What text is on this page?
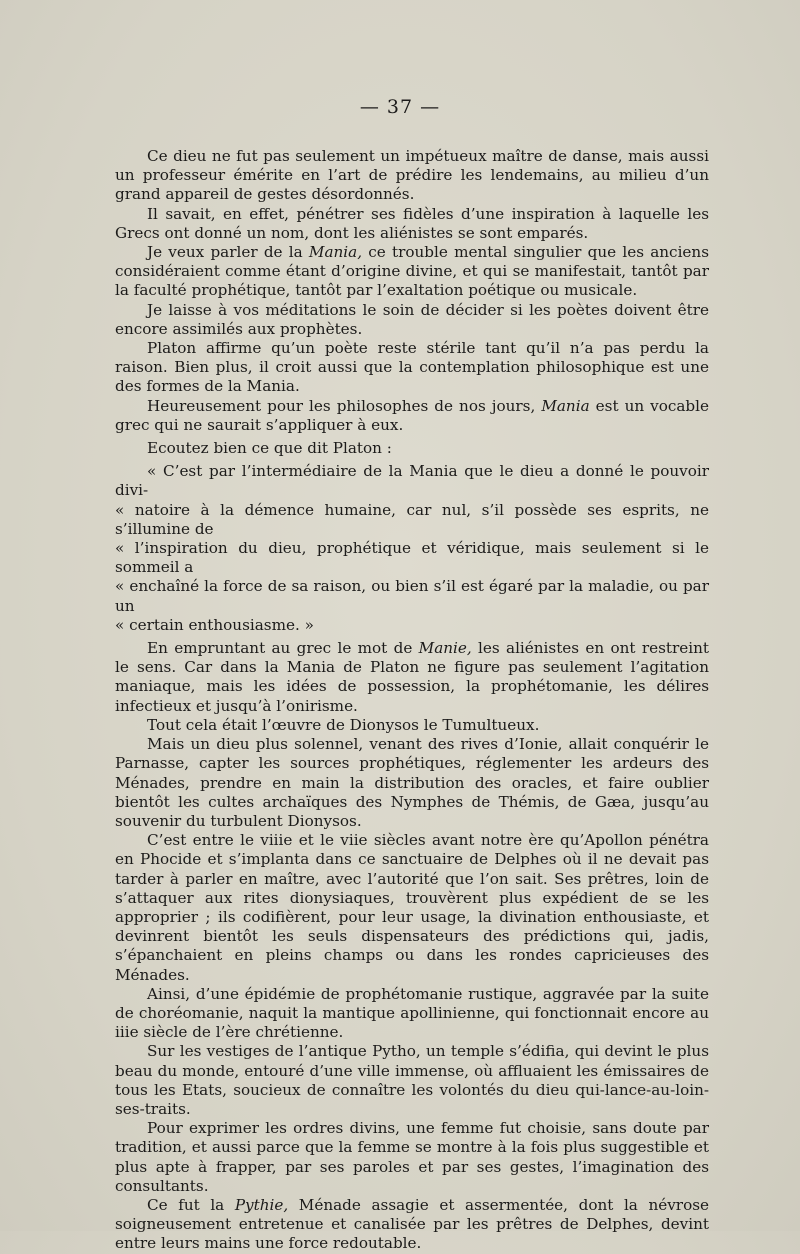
— 37 —

Ce dieu ne fut pas seulement un impétueux maître de danse, mais aussi un professeur émérite en l’art de prédire les lendemains, au milieu d’un grand appareil de gestes désordonnés.

Il savait, en effet, pénétrer ses fidèles d’une inspiration à laquelle les Grecs ont donné un nom, dont les aliénistes se sont emparés.

Je veux parler de la Mania, ce trouble mental singulier que les anciens considéraient comme étant d’origine divine, et qui se manifestait, tantôt par la faculté prophétique, tantôt par l’exaltation poétique ou musicale.

Je laisse à vos méditations le soin de décider si les poètes doivent être encore assimilés aux prophètes.

Platon affirme qu’un poète reste stérile tant qu’il n’a pas perdu la raison. Bien plus, il croit aussi que la contemplation philosophique est une des formes de la Mania.

Heureusement pour les philosophes de nos jours, Mania est un vocable grec qui ne saurait s’appliquer à eux.

Ecoutez bien ce que dit Platon :

« C’est par l’intermédiaire de la Mania que le dieu a donné le pouvoir divi-

« natoire à la démence humaine, car nul, s’il possède ses esprits, ne s’illumine de

« l’inspiration du dieu, prophétique et véridique, mais seulement si le sommeil a

« enchaîné la force de sa raison, ou bien s’il est égaré par la maladie, ou par un

« certain enthousiasme. »

En empruntant au grec le mot de Manie, les aliénistes en ont restreint le sens. Car dans la Mania de Platon ne figure pas seulement l’agitation maniaque, mais les idées de possession, la prophétomanie, les délires infectieux et jusqu’à l’onirisme.

Tout cela était l’œuvre de Dionysos le Tumultueux.

Mais un dieu plus solennel, venant des rives d’Ionie, allait conquérir le Parnasse, capter les sources prophétiques, réglementer les ardeurs des Ménades, prendre en main la distribution des oracles, et faire oublier bientôt les cultes archaïques des Nymphes de Thémis, de Gæa, jusqu’au souvenir du turbulent Dionysos.

C’est entre le viiie et le viie siècles avant notre ère qu’Apollon pénétra en Phocide et s’implanta dans ce sanctuaire de Delphes où il ne devait pas tarder à parler en maître, avec l’autorité que l’on sait. Ses prêtres, loin de s’attaquer aux rites dionysiaques, trouvèrent plus expédient de se les approprier ; ils codifièrent, pour leur usage, la divination enthousiaste, et devinrent bientôt les seuls dispensateurs des prédictions qui, jadis, s’épanchaient en pleins champs ou dans les rondes capricieuses des Ménades.

Ainsi, d’une épidémie de prophétomanie rustique, aggravée par la suite de choréomanie, naquit la mantique apollinienne, qui fonctionnait encore au iiie siècle de l’ère chrétienne.

Sur les vestiges de l’antique Pytho, un temple s’édifia, qui devint le plus beau du monde, entouré d’une ville immense, où affluaient les émissaires de tous les Etats, soucieux de connaître les volontés du dieu qui-lance-au-loin-ses-traits.

Pour exprimer les ordres divins, une femme fut choisie, sans doute par tradition, et aussi parce que la femme se montre à la fois plus suggestible et plus apte à frapper, par ses paroles et par ses gestes, l’imagination des consultants.

Ce fut la Pythie, Ménade assagie et assermentée, dont la névrose soigneusement entretenue et canalisée par les prêtres de Delphes, devint entre leurs mains une force redoutable.
